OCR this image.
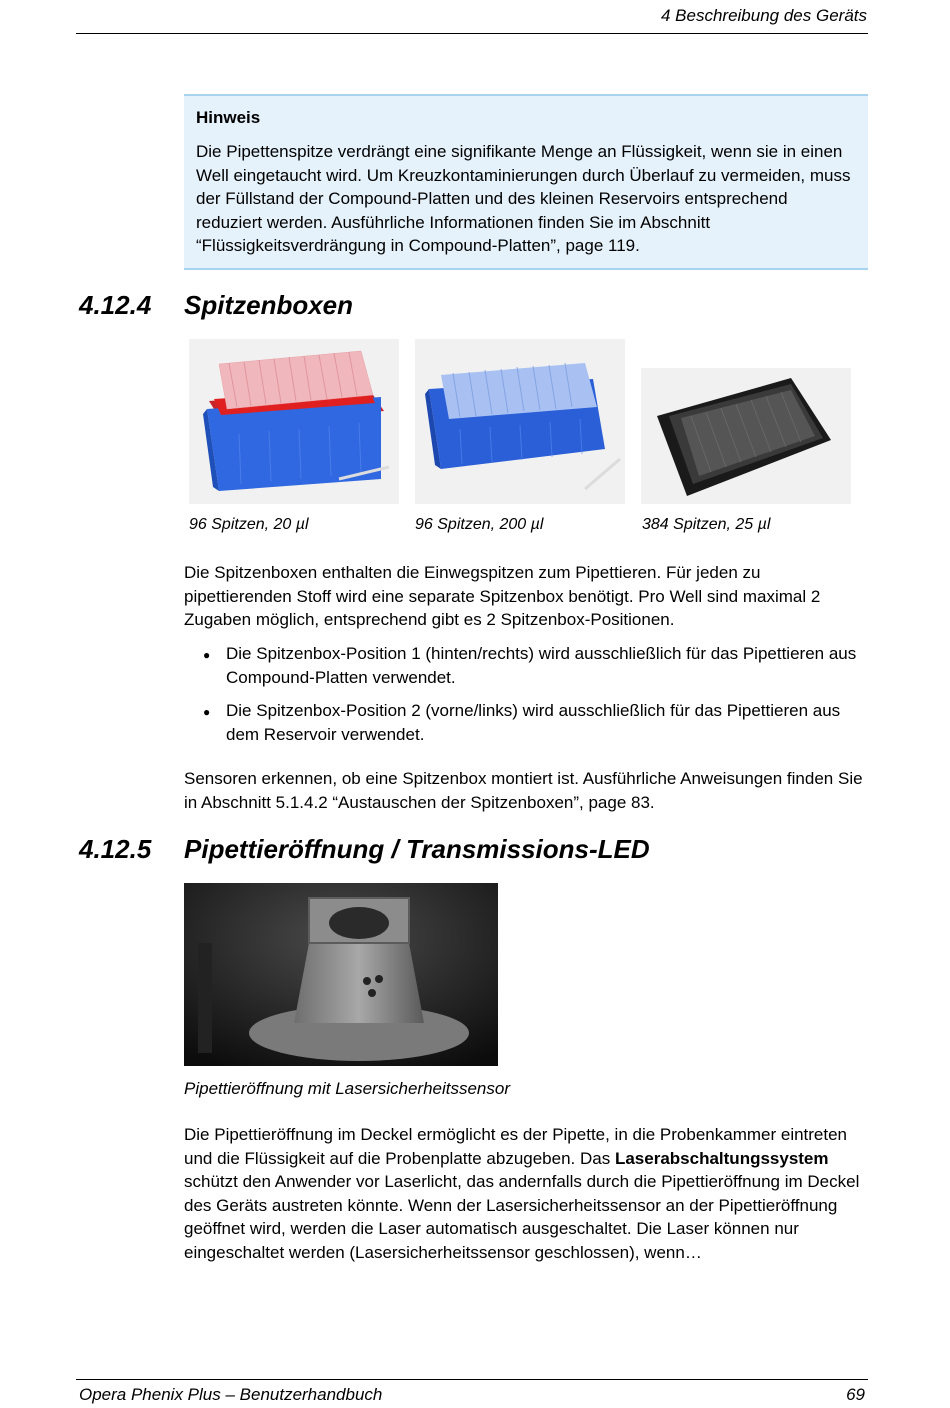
4 Beschreibung des Geräts
Hinweis
Die Pipettenspitze verdrängt eine signifikante Menge an Flüssigkeit, wenn sie in einen Well eingetaucht wird. Um Kreuzkontaminierungen durch Überlauf zu vermeiden, muss der Füllstand der Compound-Platten und des kleinen Reservoirs entsprechend reduziert werden. Ausführliche Informationen finden Sie im Abschnitt “Flüssigkeitsverdrängung in Compound-Platten”, page 119.
4.12.4 Spitzenboxen
96 Spitzen, 20 µl	96 Spitzen, 200 µl	384 Spitzen, 25 µl
Die Spitzenboxen enthalten die Einwegspitzen zum Pipettieren. Für jeden zu pipettierenden Stoff wird eine separate Spitzenbox benötigt. Pro Well sind maximal 2 Zugaben möglich, entsprechend gibt es 2 Spitzenbox-Positionen.
● Die Spitzenbox-Position 1 (hinten/rechts) wird ausschließlich für das Pipettieren aus Compound-Platten verwendet.
● Die Spitzenbox-Position 2 (vorne/links) wird ausschließlich für das Pipettieren aus dem Reservoir verwendet.
Sensoren erkennen, ob eine Spitzenbox montiert ist. Ausführliche Anweisungen finden Sie in Abschnitt 5.1.4.2 “Austauschen der Spitzenboxen”, page 83.
4.12.5 Pipettieröffnung / Transmissions-LED
Pipettieröffnung mit Lasersicherheitssensor
Die Pipettieröffnung im Deckel ermöglicht es der Pipette, in die Probenkammer eintreten und die Flüssigkeit auf die Probenplatte abzugeben. Das Laserabschaltungssystem schützt den Anwender vor Laserlicht, das andernfalls durch die Pipettieröffnung im Deckel des Geräts austreten könnte. Wenn der Lasersicherheitssensor an der Pipettieröffnung geöffnet wird, werden die Laser automatisch ausgeschaltet. Die Laser können nur eingeschaltet werden (Lasersicherheitssensor geschlossen), wenn…
Opera Phenix Plus – Benutzerhandbuch	69
